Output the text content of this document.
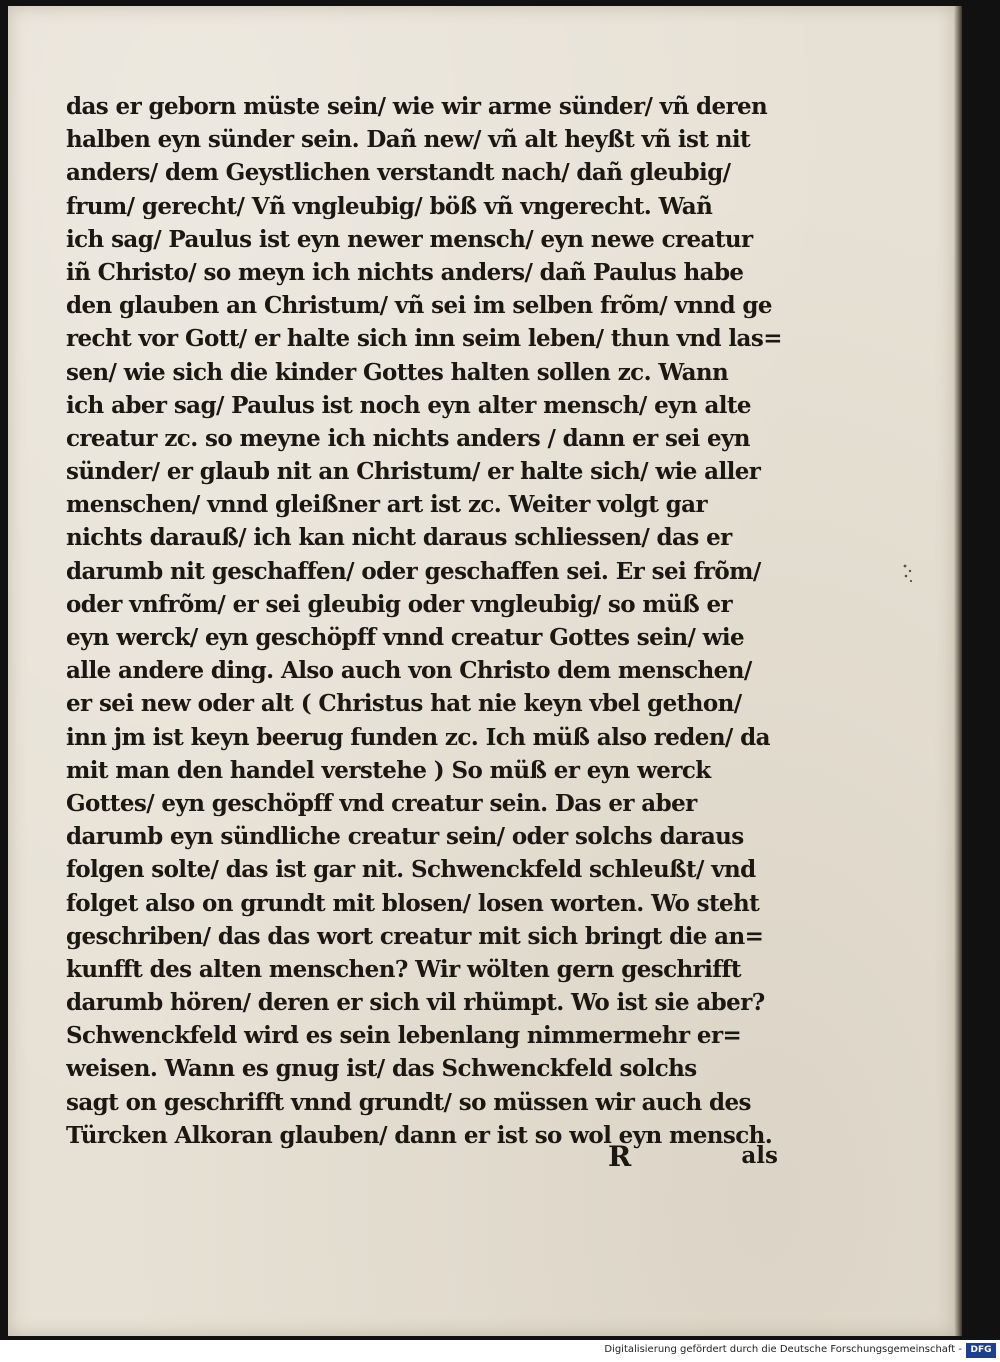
das er geborn müste sein/ wie wir arme sünder/ vñ deren
halben eyn sünder sein. Dañ new/ vñ alt heyßt vñ ist nit
anders/ dem Geystlichen verstandt nach/ dañ gleubig/
frum/ gerecht/ Vñ vngleubig/ böß vñ vngerecht. Wañ
ich sag/ Paulus ist eyn newer mensch/ eyn newe creatur
iñ Christo/ so meyn ich nichts anders/ dañ Paulus habe
den glauben an Christum/ vñ sei im selben frõm/ vnnd ge
recht vor Gott/ er halte sich inn seim leben/ thun vnd las=
sen/ wie sich die kinder Gottes halten sollen zc. Wann
ich aber sag/ Paulus ist noch eyn alter mensch/ eyn alte
creatur zc. so meyne ich nichts anders / dann er sei eyn
sünder/ er glaub nit an Christum/ er halte sich/ wie aller
menschen/ vnnd gleißner art ist zc. Weiter volgt gar
nichts darauß/ ich kan nicht daraus schliessen/ das er
darumb nit geschaffen/ oder geschaffen sei. Er sei frõm/
oder vnfrõm/ er sei gleubig oder vngleubig/ so müß er
eyn werck/ eyn geschöpff vnnd creatur Gottes sein/ wie
alle andere ding. Also auch von Christo dem menschen/
er sei new oder alt ( Christus hat nie keyn vbel gethon/
inn jm ist keyn beerug funden zc. Ich müß also reden/ da
mit man den handel verstehe ) So müß er eyn werck
Gottes/ eyn geschöpff vnd creatur sein. Das er aber
darumb eyn sündliche creatur sein/ oder solchs daraus
folgen solte/ das ist gar nit. Schwenckfeld schleußt/ vnd
folget also on grundt mit blosen/ losen worten. Wo steht
geschriben/ das das wort creatur mit sich bringt die an=
kunfft des alten menschen? Wir wölten gern geschrifft
darumb hören/ deren er sich vil rhümpt. Wo ist sie aber?
Schwenckfeld wird es sein lebenlang nimmermehr er=
weisen. Wann es gnug ist/ das Schwenckfeld solchs
sagt on geschrifft vnnd grundt/ so müssen wir auch des
Türcken Alkoran glauben/ dann er ist so wol eyn mensch.
R	als
Digitalisierung gefördert durch die Deutsche Forschungsgemeinschaft - DFG
